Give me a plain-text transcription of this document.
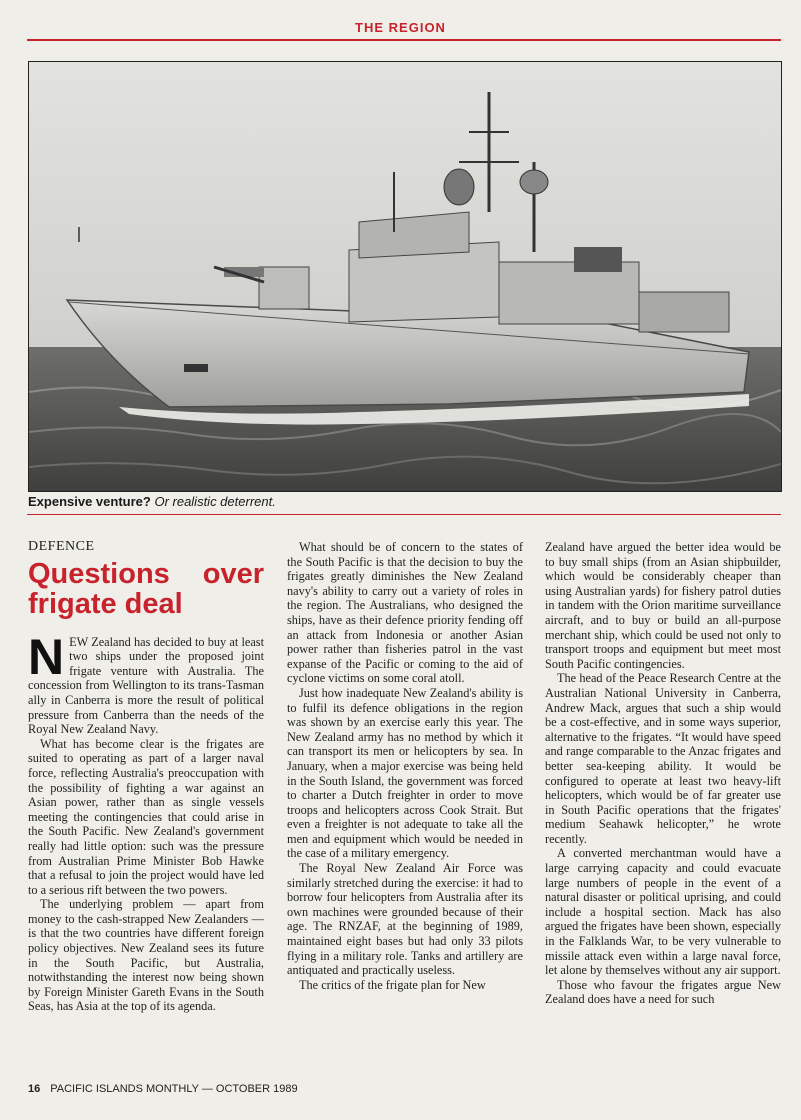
THE REGION
Expensive venture? Or realistic deterrent.
DEFENCE
Questions over frigate deal

NEW Zealand has decided to buy at least two ships under the proposed joint frigate venture with Australia. The concession from Wellington to its trans-Tasman ally in Canberra is more the result of political pressure from Canberra than the needs of the Royal New Zealand Navy.

What has become clear is the frigates are suited to operating as part of a larger naval force, reflecting Australia's preoccupation with the possibility of fighting a war against an Asian power, rather than as single vessels meeting the contingencies that could arise in the South Pacific. New Zealand's government really had little option: such was the pressure from Australian Prime Minister Bob Hawke that a refusal to join the project would have led to a serious rift between the two powers.

The underlying problem — apart from money to the cash-strapped New Zealanders — is that the two countries have different foreign policy objectives. New Zealand sees its future in the South Pacific, but Australia, notwithstanding the interest now being shown by Foreign Minister Gareth Evans in the South Seas, has Asia at the top of its agenda.

What should be of concern to the states of the South Pacific is that the decision to buy the frigates greatly diminishes the New Zealand navy's ability to carry out a variety of roles in the region. The Australians, who designed the ships, have as their defence priority fending off an attack from Indonesia or another Asian power rather than fisheries patrol in the vast expanse of the Pacific or coming to the aid of cyclone victims on some coral atoll.

Just how inadequate New Zealand's ability is to fulfil its defence obligations in the region was shown by an exercise early this year. The New Zealand army has no method by which it can transport its men or helicopters by sea. In January, when a major exercise was being held in the South Island, the government was forced to charter a Dutch freighter in order to move troops and helicopters across Cook Strait. But even a freighter is not adequate to take all the men and equipment which would be needed in the case of a military emergency.

The Royal New Zealand Air Force was similarly stretched during the exercise: it had to borrow four helicopters from Australia after its own machines were grounded because of their age. The RNZAF, at the beginning of 1989, maintained eight bases but had only 33 pilots flying in a military role. Tanks and artillery are antiquated and practically useless.

The critics of the frigate plan for New

Zealand have argued the better idea would be to buy small ships (from an Asian shipbuilder, which would be considerably cheaper than using Australian yards) for fishery patrol duties in tandem with the Orion maritime surveillance aircraft, and to buy or build an all-purpose merchant ship, which could be used not only to transport troops and equipment but meet most South Pacific contingencies.

The head of the Peace Research Centre at the Australian National University in Canberra, Andrew Mack, argues that such a ship would be a cost-effective, and in some ways superior, alternative to the frigates. “It would have speed and range comparable to the Anzac frigates and better sea-keeping ability. It would be configured to operate at least two heavy-lift helicopters, which would be of far greater use in South Pacific operations that the frigates' medium Seahawk helicopter,” he wrote recently.

A converted merchantman would have a large carrying capacity and could evacuate large numbers of people in the event of a natural disaster or political uprising, and could include a hospital section. Mack has also argued the frigates have been shown, especially in the Falklands War, to be very vulnerable to missile attack even within a large naval force, let alone by themselves without any air support.

Those who favour the frigates argue New Zealand does have a need for such

16 PACIFIC ISLANDS MONTHLY — OCTOBER 1989
